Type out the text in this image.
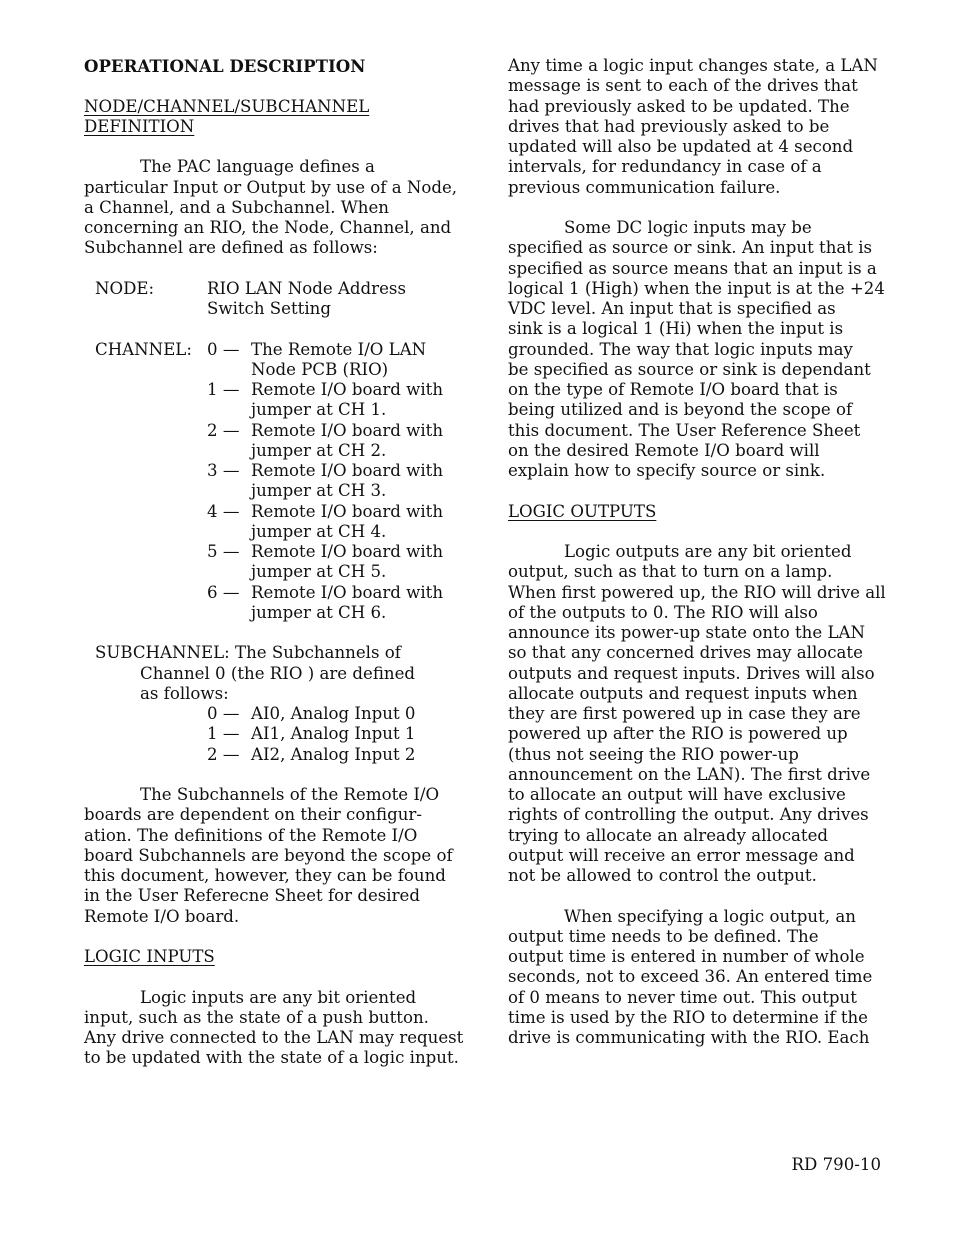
OPERATIONAL DESCRIPTION
NODE/CHANNEL/SUBCHANNEL
DEFINITION
The PAC language defines a
particular Input or Output by use of a Node,
a Channel, and a Subchannel. When
concerning an RIO, the Node, Channel, and
Subchannel are defined as follows:
NODE:	RIO LAN Node Address
Switch Setting
CHANNEL: 0 — The Remote I/O LAN
Node PCB (RIO)
1 — Remote I/O board with
jumper at CH 1.
2 — Remote I/O board with
jumper at CH 2.
3 — Remote I/O board with
jumper at CH 3.
4 — Remote I/O board with
jumper at CH 4.
5 — Remote I/O board with
jumper at CH 5.
6 — Remote I/O board with
jumper at CH 6.
SUBCHANNEL: The Subchannels of
Channel 0 (the RIO ) are defined
as follows:
0 — AI0, Analog Input 0
1 — AI1, Analog Input 1
2 — AI2, Analog Input 2
The Subchannels of the Remote I/O
boards are dependent on their configur-
ation. The definitions of the Remote I/O
board Subchannels are beyond the scope of
this document, however, they can be found
in the User Referecne Sheet for desired
Remote I/O board.
LOGIC INPUTS
Logic inputs are any bit oriented
input, such as the state of a push button.
Any drive connected to the LAN may request
to be updated with the state of a logic input.
Any time a logic input changes state, a LAN
message is sent to each of the drives that
had previously asked to be updated. The
drives that had previously asked to be
updated will also be updated at 4 second
intervals, for redundancy in case of a
previous communication failure.
Some DC logic inputs may be
specified as source or sink. An input that is
specified as source means that an input is a
logical 1 (High) when the input is at the +24
VDC level. An input that is specified as
sink is a logical 1 (Hi) when the input is
grounded. The way that logic inputs may
be specified as source or sink is dependant
on the type of Remote I/O board that is
being utilized and is beyond the scope of
this document. The User Reference Sheet
on the desired Remote I/O board will
explain how to specify source or sink.
LOGIC OUTPUTS
Logic outputs are any bit oriented
output, such as that to turn on a lamp.
When first powered up, the RIO will drive all
of the outputs to 0. The RIO will also
announce its power-up state onto the LAN
so that any concerned drives may allocate
outputs and request inputs. Drives will also
allocate outputs and request inputs when
they are first powered up in case they are
powered up after the RIO is powered up
(thus not seeing the RIO power-up
announcement on the LAN). The first drive
to allocate an output will have exclusive
rights of controlling the output. Any drives
trying to allocate an already allocated
output will receive an error message and
not be allowed to control the output.
When specifying a logic output, an
output time needs to be defined. The
output time is entered in number of whole
seconds, not to exceed 36. An entered time
of 0 means to never time out. This output
time is used by the RIO to determine if the
drive is communicating with the RIO. Each
RD 790-10
